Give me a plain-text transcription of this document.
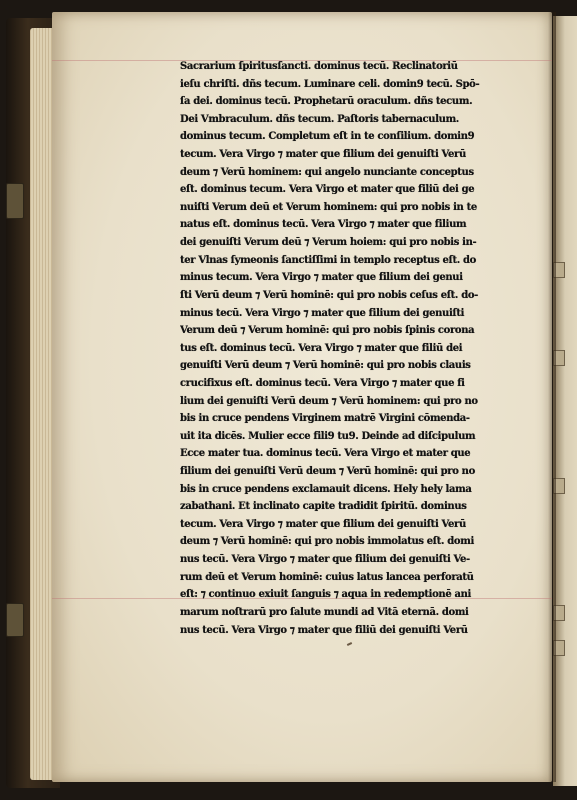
Sacrarium ſpiritusſancti. dominus tecū. Reclinatoriū
ieſu chriſti. dñs tecum. Luminare celi. domin9 tecū. Spō-
ſa dei. dominus tecū. Prophetarū oraculum. dñs tecum.
Dei Vmbraculum. dñs tecum. Paſtoris tabernaculum.
dominus tecum. Completum eſt in te conſilium. domin9
tecum. Vera Virgo ⁊ mater que filium dei genuiſti Verū
deum ⁊ Verū hominem: qui angelo nunciante conceptus
eſt. dominus tecum. Vera Virgo et mater que filiū dei ge
nuiſti Verum deū et Verum hominem: qui pro nobis in te
natus eſt. dominus tecū. Vera Virgo ⁊ mater que filium
dei genuiſti Verum deū ⁊ Verum hoiem: qui pro nobis in-
ter Vlnas ſymeonis ſanctiſſimi in templo receptus eſt. do
minus tecum. Vera Virgo ⁊ mater que filium dei genui
ſti Verū deum ⁊ Verū hominē: qui pro nobis ceſus eſt. do-
minus tecū. Vera Virgo ⁊ mater que filium dei genuiſti
Verum deū ⁊ Verum hominē: qui pro nobis ſpinis corona
tus eſt. dominus tecū. Vera Virgo ⁊ mater que filiū dei
genuiſti Verū deum ⁊ Verū hominē: qui pro nobis clauis
crucifixus eſt. dominus tecū. Vera Virgo ⁊ mater que fi
lium dei genuiſti Verū deum ⁊ Verū hominem: qui pro no
bis in cruce pendens Virginem matrē Virgini cōmenda-
uit ita dicēs. Mulier ecce fili9 tu9. Deinde ad diſcipulum
Ecce mater tua. dominus tecū. Vera Virgo et mater que
filium dei genuiſti Verū deum ⁊ Verū hominē: qui pro no
bis in cruce pendens exclamauit dicens. Hely hely lama
zabathani. Et inclinato capite tradidit ſpiritū. dominus
tecum. Vera Virgo ⁊ mater que filium dei genuiſti Verū
deum ⁊ Verū hominē: qui pro nobis immolatus eſt. domi
nus tecū. Vera Virgo ⁊ mater que filium dei genuiſti Ve-
rum deū et Verum hominē: cuius latus lancea perforatū
eſt: ⁊ continuo exiuit ſanguis ⁊ aqua in redemptionē ani
marum noſtrarū pro ſalute mundi ad Vitā eternā. domi
nus tecū. Vera Virgo ⁊ mater que filiū dei genuiſti Verū
